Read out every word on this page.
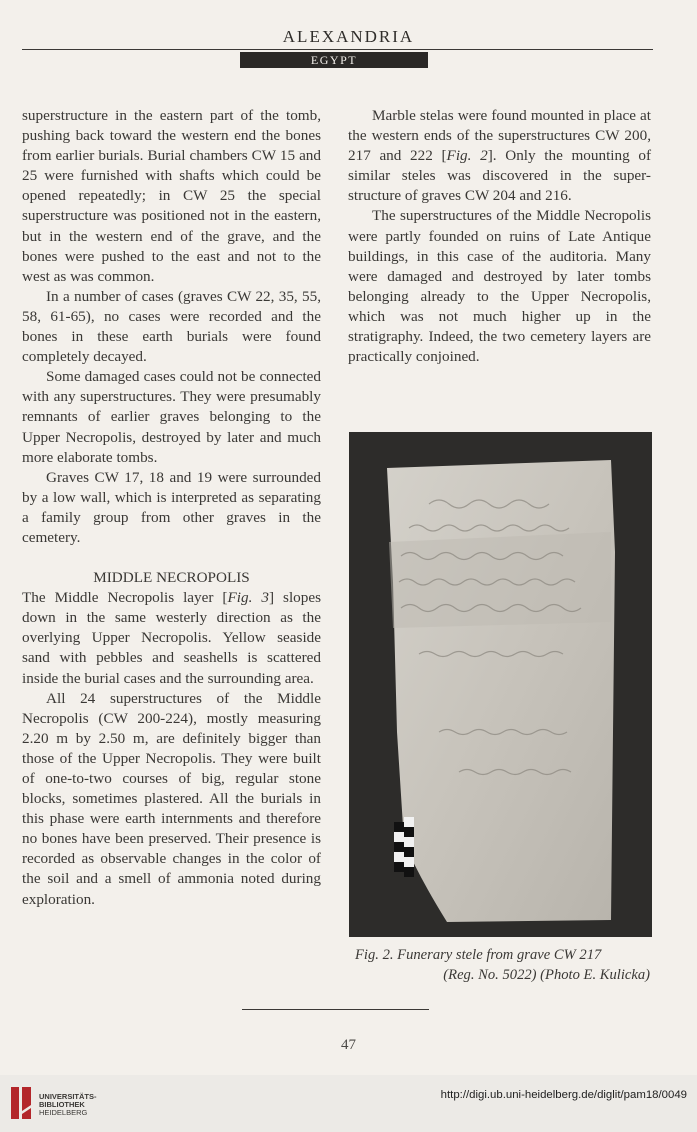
ALEXANDRIA
EGYPT

superstructure in the eastern part of the tomb, pushing back toward the western end the bones from earlier burials. Burial chambers CW 15 and 25 were furnished with shafts which could be opened repeatedly; in CW 25 the special superstructure was positioned not in the eastern, but in the western end of the grave, and the bones were pushed to the east and not to the west as was common.

In a number of cases (graves CW 22, 35, 55, 58, 61-65), no cases were recorded and the bones in these earth burials were found completely decayed.

Some damaged cases could not be connected with any superstructures. They were presumably remnants of earlier graves belonging to the Upper Necropolis, destroyed by later and much more elaborate tombs.

Graves CW 17, 18 and 19 were surrounded by a low wall, which is interpreted as separating a family group from other graves in the cemetery.

MIDDLE NECROPOLIS

The Middle Necropolis layer [Fig. 3] slopes down in the same westerly direction as the overlying Upper Necropolis. Yellow seaside sand with pebbles and seashells is scattered inside the burial cases and the surrounding area.

All 24 superstructures of the Middle Necropolis (CW 200-224), mostly measuring 2.20 m by 2.50 m, are definitely bigger than those of the Upper Necropolis. They were built of one-to-two courses of big, regular stone blocks, sometimes plastered. All the burials in this phase were earth internments and therefore no bones have been preserved. Their presence is recorded as observable changes in the color of the soil and a smell of ammonia noted during exploration.

Marble stelas were found mounted in place at the western ends of the superstructures CW 200, 217 and 222 [Fig. 2]. Only the mounting of similar steles was discovered in the super-structure of graves CW 204 and 216.

The superstructures of the Middle Necropolis were partly founded on ruins of Late Antique buildings, in this case of the auditoria. Many were damaged and destroyed by later tombs belonging already to the Upper Necropolis, which was not much higher up in the stratigraphy. Indeed, the two cemetery layers are practically conjoined.

Fig. 2. Funerary stele from grave CW 217
(Reg. No. 5022) (Photo E. Kulicka)
47
UNIVERSITÄTS-
BIBLIOTHEK
HEIDELBERG
http://digi.ub.uni-heidelberg.de/diglit/pam18/0049
